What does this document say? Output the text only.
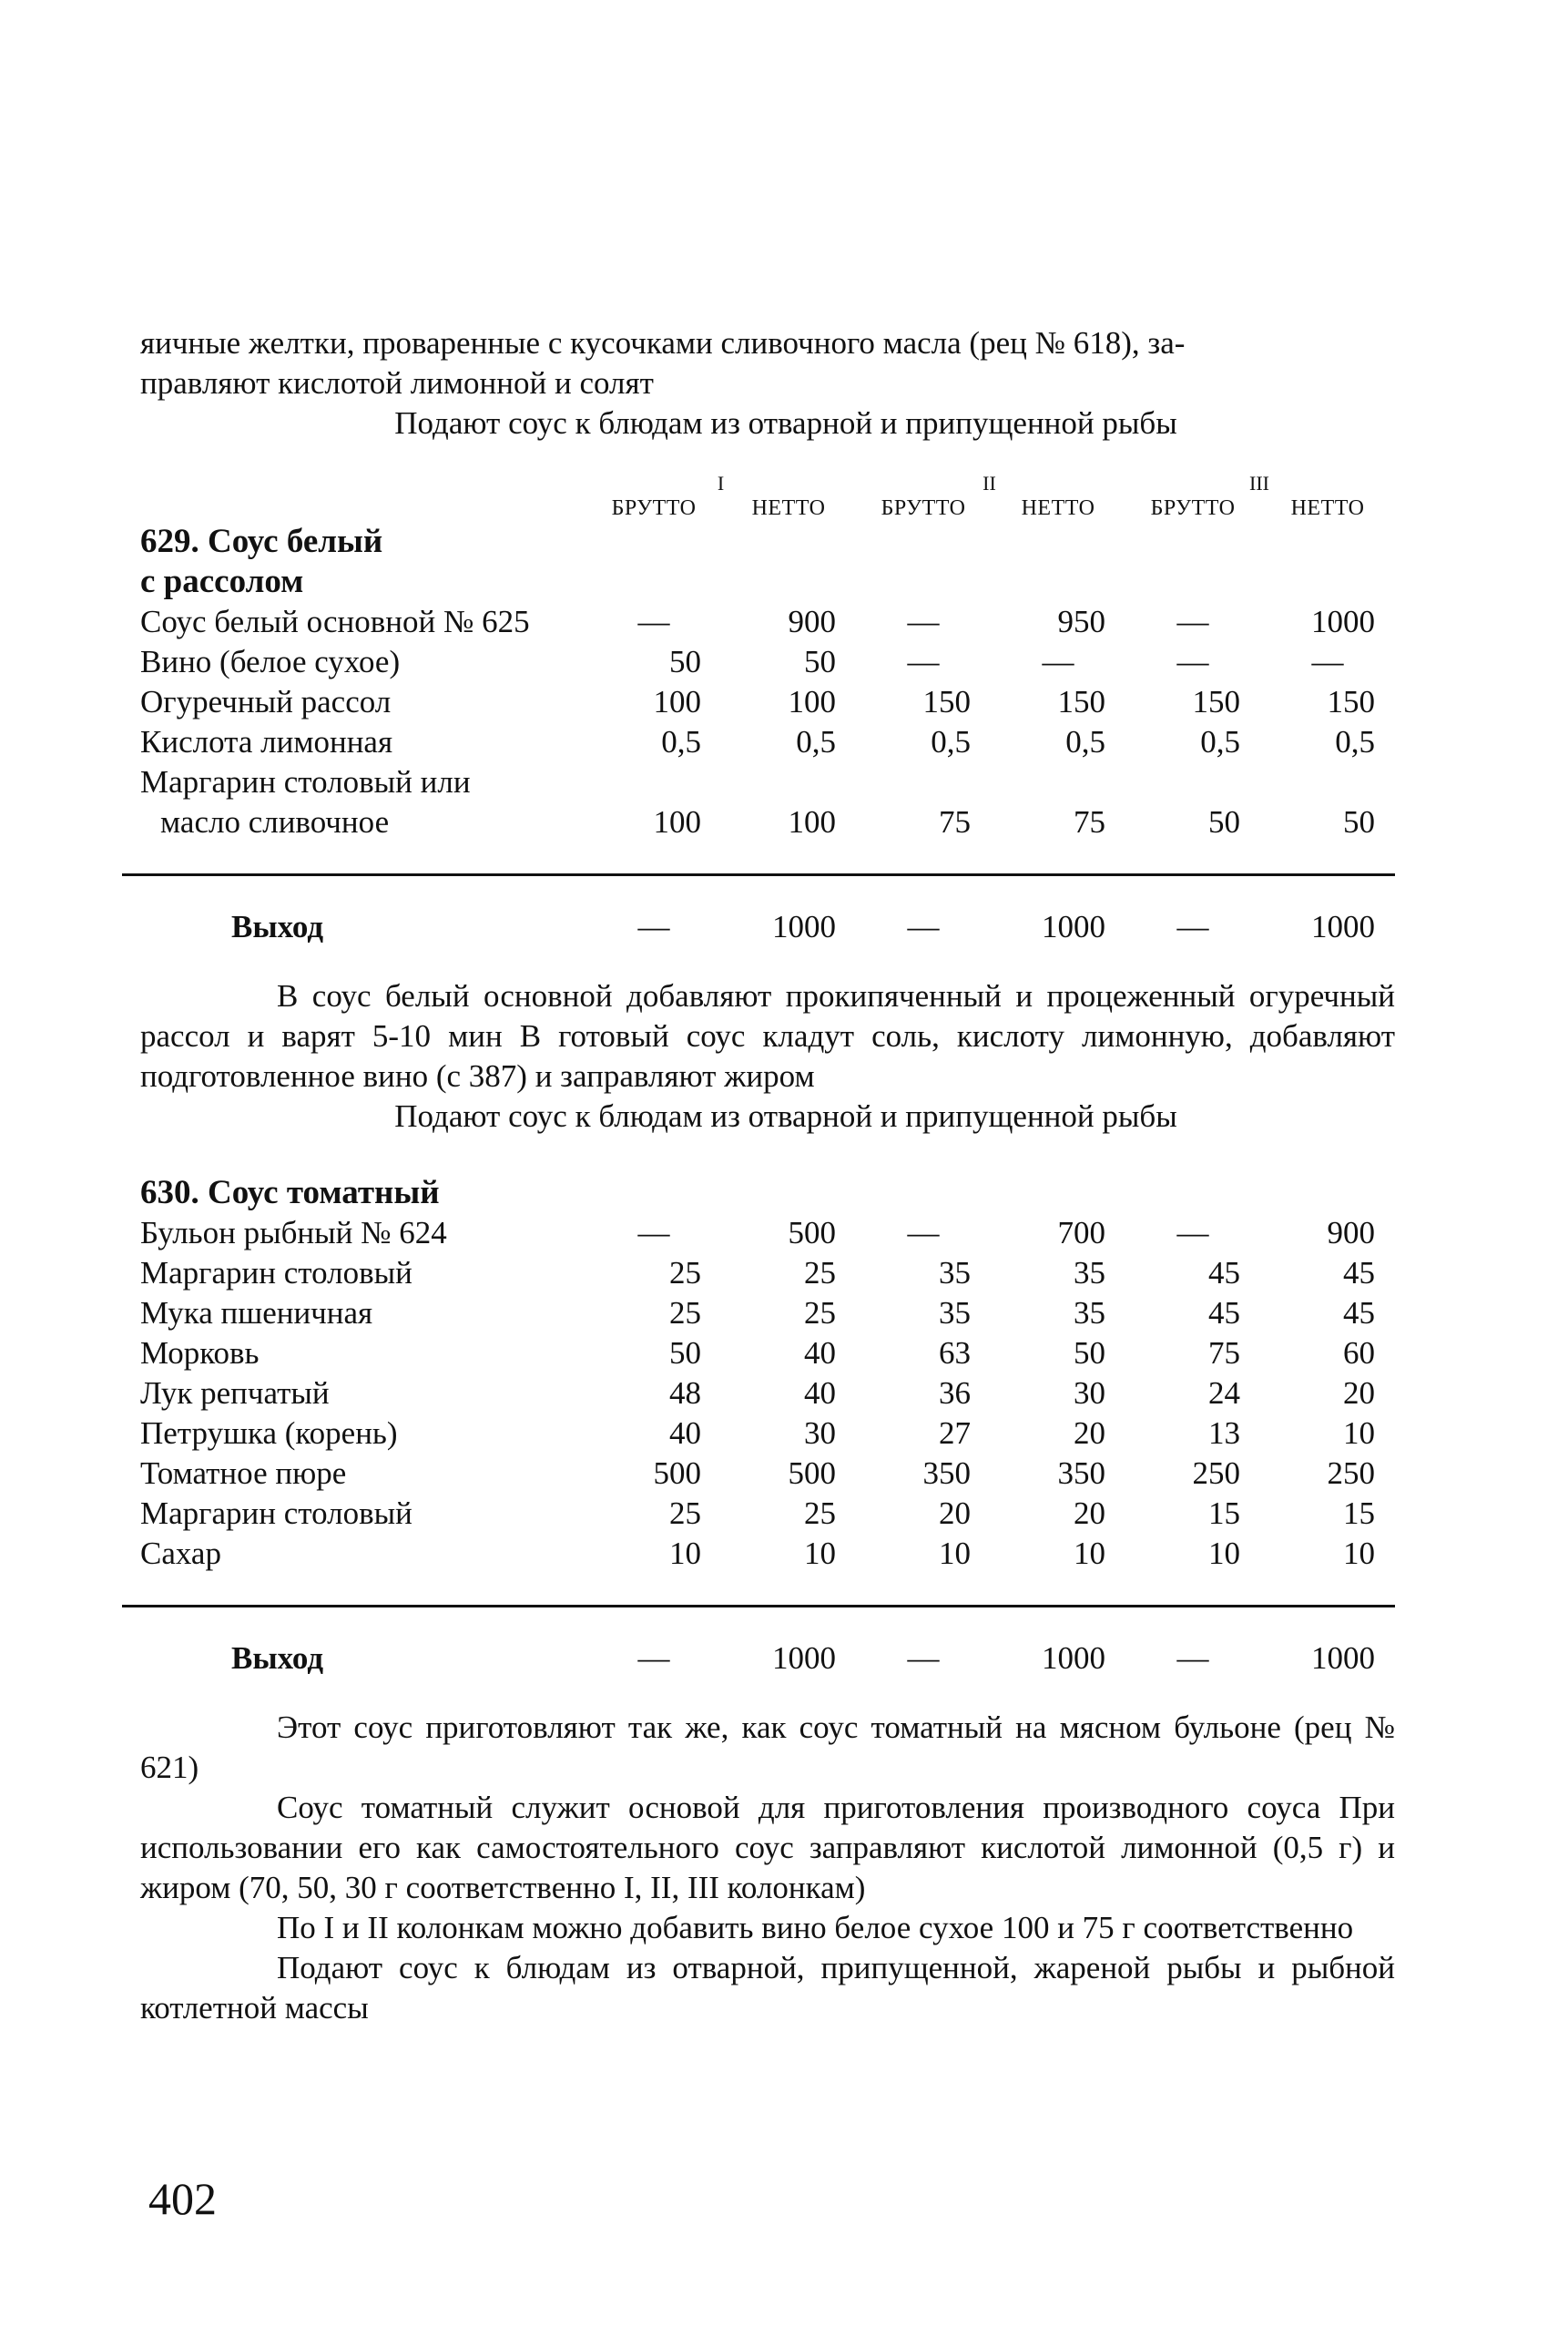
яичные желтки, проваренные с кусочками сливочного масла (рец № 618), за-

правляют кислотой лимонной и солят

Подают соус к блюдам из отварной и припущенной рыбы

I	II	III
БРУТТО	НЕТТО	БРУТТО	НЕТТО	БРУТТО	НЕТТО

629. Соус белый

с рассолом

Соус белый основной № 625	—	900	—	950	—	1000
Вино (белое сухое)	50	50	—	—	—	—
Огуречный рассол	100	100	150	150	150	150
Кислота лимонная	0,5	0,5	0,5	0,5	0,5	0,5
Маргарин столовый или
масло сливочное	100	100	75	75	50	50
Выход	—	1000	—	1000	—	1000

В соус белый основной добавляют прокипяченный и процеженный огуречный рассол и варят 5-10 мин В готовый соус кладут соль, кислоту лимонную, добавляют подготовленное вино (с 387) и заправляют жиром

Подают соус к блюдам из отварной и припущенной рыбы

630. Соус томатный

Бульон рыбный № 624	—	500	—	700	—	900
Маргарин столовый	25	25	35	35	45	45
Мука пшеничная	25	25	35	35	45	45
Морковь	50	40	63	50	75	60
Лук репчатый	48	40	36	30	24	20
Петрушка (корень)	40	30	27	20	13	10
Томатное пюре	500	500	350	350	250	250
Маргарин столовый	25	25	20	20	15	15
Сахар	10	10	10	10	10	10
Выход	—	1000	—	1000	—	1000

Этот соус приготовляют так же, как соус томатный на мясном бульоне (рец № 621)

Соус томатный служит основой для приготовления производного соуса При использовании его как самостоятельного соус заправляют кислотой лимонной (0,5 г) и жиром (70, 50, 30 г соответственно I, II, III колонкам)

По I и II колонкам можно добавить вино белое сухое 100 и 75 г соответственно

Подают соус к блюдам из отварной, припущенной, жареной рыбы и рыбной котлетной массы

402
